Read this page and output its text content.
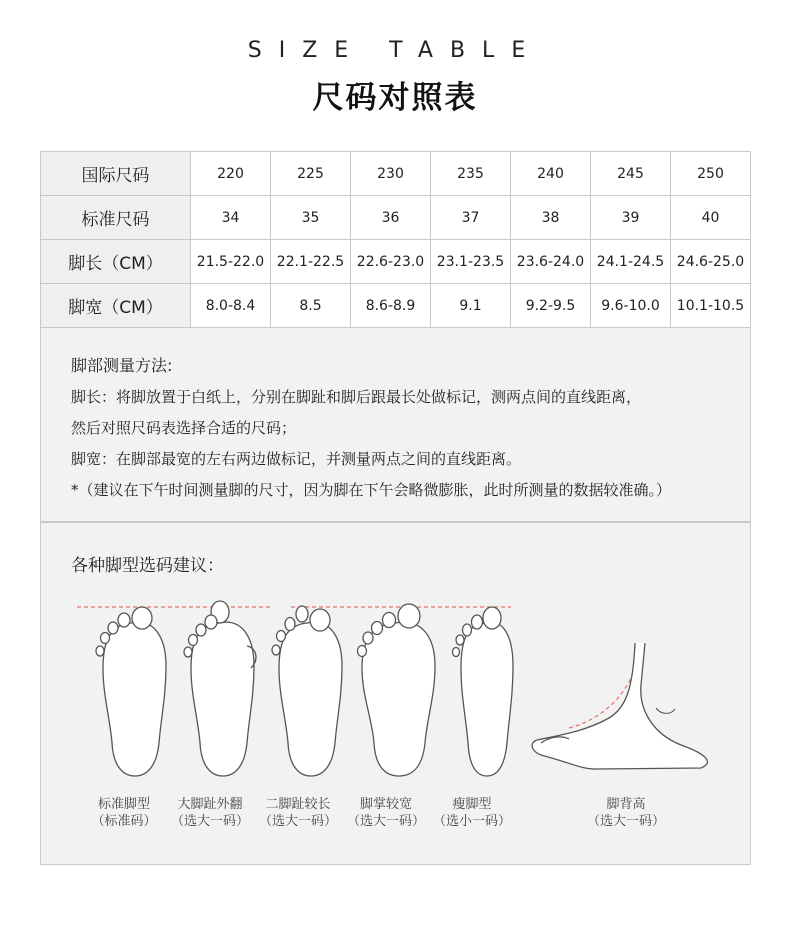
SIZE TABLE
尺码对照表
国际尺码	220	225	230	235	240	245	250
标准尺码	34	35	36	37	38	39	40
脚长（CM）	21.5-22.0	22.1-22.5	22.6-23.0	23.1-23.5	23.6-24.0	24.1-24.5	24.6-25.0
脚宽（CM）	8.0-8.4	8.5	8.6-8.9	9.1	9.2-9.5	9.6-10.0	10.1-10.5
脚部测量方法:
脚长：将脚放置于白纸上，分别在脚趾和脚后跟最长处做标记，测两点间的直线距离，
然后对照尺码表选择合适的尺码；
脚宽：在脚部最宽的左右两边做标记，并测量两点之间的直线距离。
*（建议在下午时间测量脚的尺寸，因为脚在下午会略微膨胀，此时所测量的数据较准确。）
各种脚型选码建议：
标准脚型
（标准码）
大脚趾外翻
（选大一码）
二脚趾较长
（选大一码）
脚掌较宽
（选大一码）
瘦脚型
（选小一码）
脚背高
（选大一码）
